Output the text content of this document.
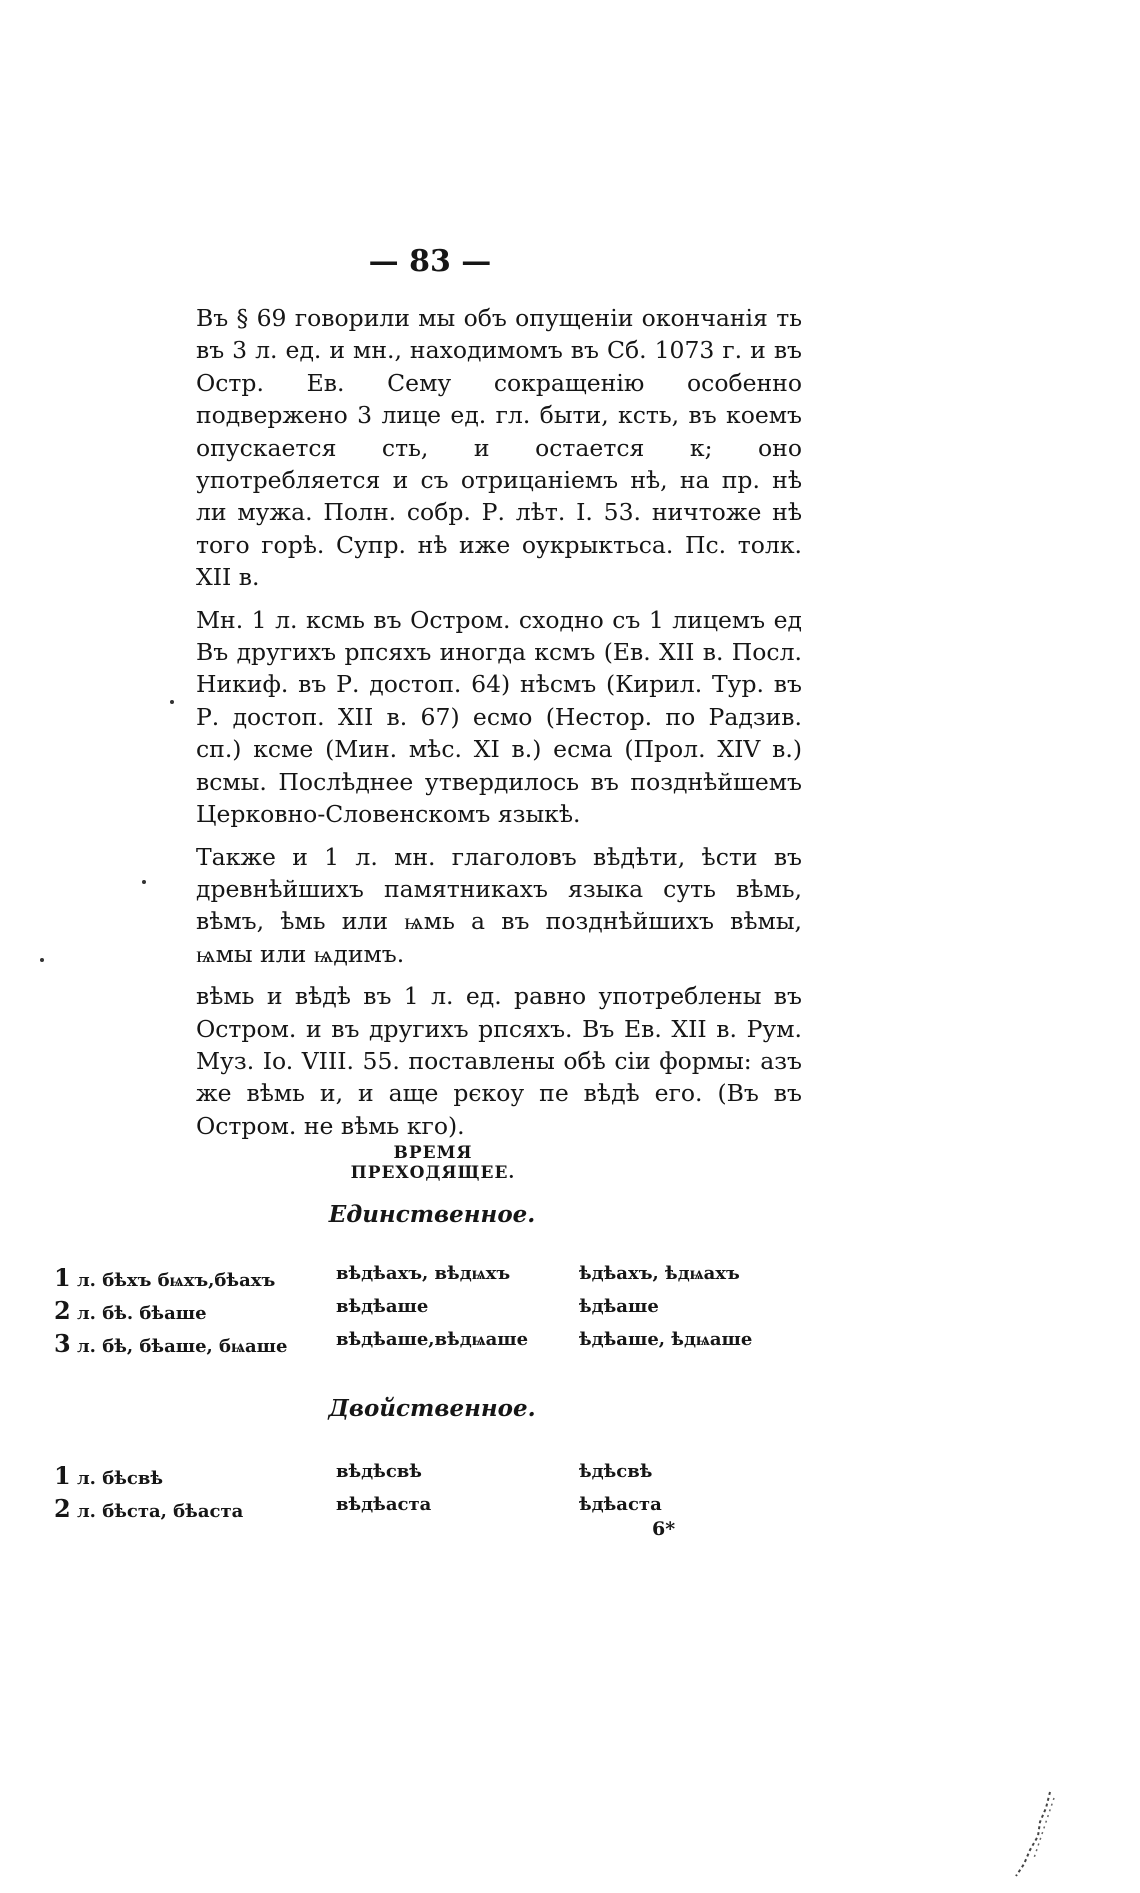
— 83 —

Въ § 69 говорили мы объ опущеніи окончанія ть въ 3 л. ед. и мн., находимомъ въ Сб. 1073 г. и въ Остр. Ев. Сему сокращенію особенно подвержено 3 лице ед. гл. быти, ксть, въ коемъ опускается сть, и остается к; оно употребляется и съ отрицаніемъ нѣ, на пр. нѣ ли мужа. Полн. собр. Р. лѣт. I. 53. ничтоже нѣ того горѣ. Супр. нѣ иже оукрыктьса. Пс. толк. XII в.

Мн. 1 л. ксмь въ Остром. сходно съ 1 лицемъ ед Въ другихъ рпсяхъ иногда ксмъ (Ев. XII в. Посл. Никиф. въ Р. достоп. 64) нѣсмъ (Кирил. Тур. въ Р. достоп. XII в. 67) есмо (Нестор. по Радзив. сп.) ксме (Мин. мѣс. XI в.) есма (Прол. XIV в.) всмы. Послѣднее утвердилось въ позднѣйшемъ Церковно-Словенскомъ языкѣ.

Также и 1 л. мн. глаголовъ вѣдѣти, ѣсти въ древнѣйшихъ памятникахъ языка суть вѣмь, вѣмъ, ѣмь или ѩмь а въ позднѣйшихъ вѣмы, ѩмы или ѩдимъ.

вѣмь и вѣдѣ въ 1 л. ед. равно употреблены въ Остром. и въ другихъ рпсяхъ. Въ Ев. XII в. Рум. Муз. Io. VIII. 55. поставлены обѣ сіи формы: азъ же вѣмь и, и аще рєкоу пе вѣдѣ его. (Въ въ Остром. не вѣмь кго).

ВРЕМЯ ПРЕХОДЯЩЕЕ.
Единственное.
1 л. бѣхъ бѩхъ,бѣахъ	вѣдѣахъ, вѣдѩхъ	ѣдѣахъ, ѣдѩахъ
2 л. бѣ. бѣаше	вѣдѣаше	ѣдѣаше
3 л. бѣ, бѣаше, бѩаше	вѣдѣаше,вѣдѩаше	ѣдѣаше, ѣдѩаше
Двойственное.
1 л. бѣсвѣ	вѣдѣсвѣ	ѣдѣсвѣ
2 л. бѣста, бѣаста	вѣдѣаста	ѣдѣаста
6*
